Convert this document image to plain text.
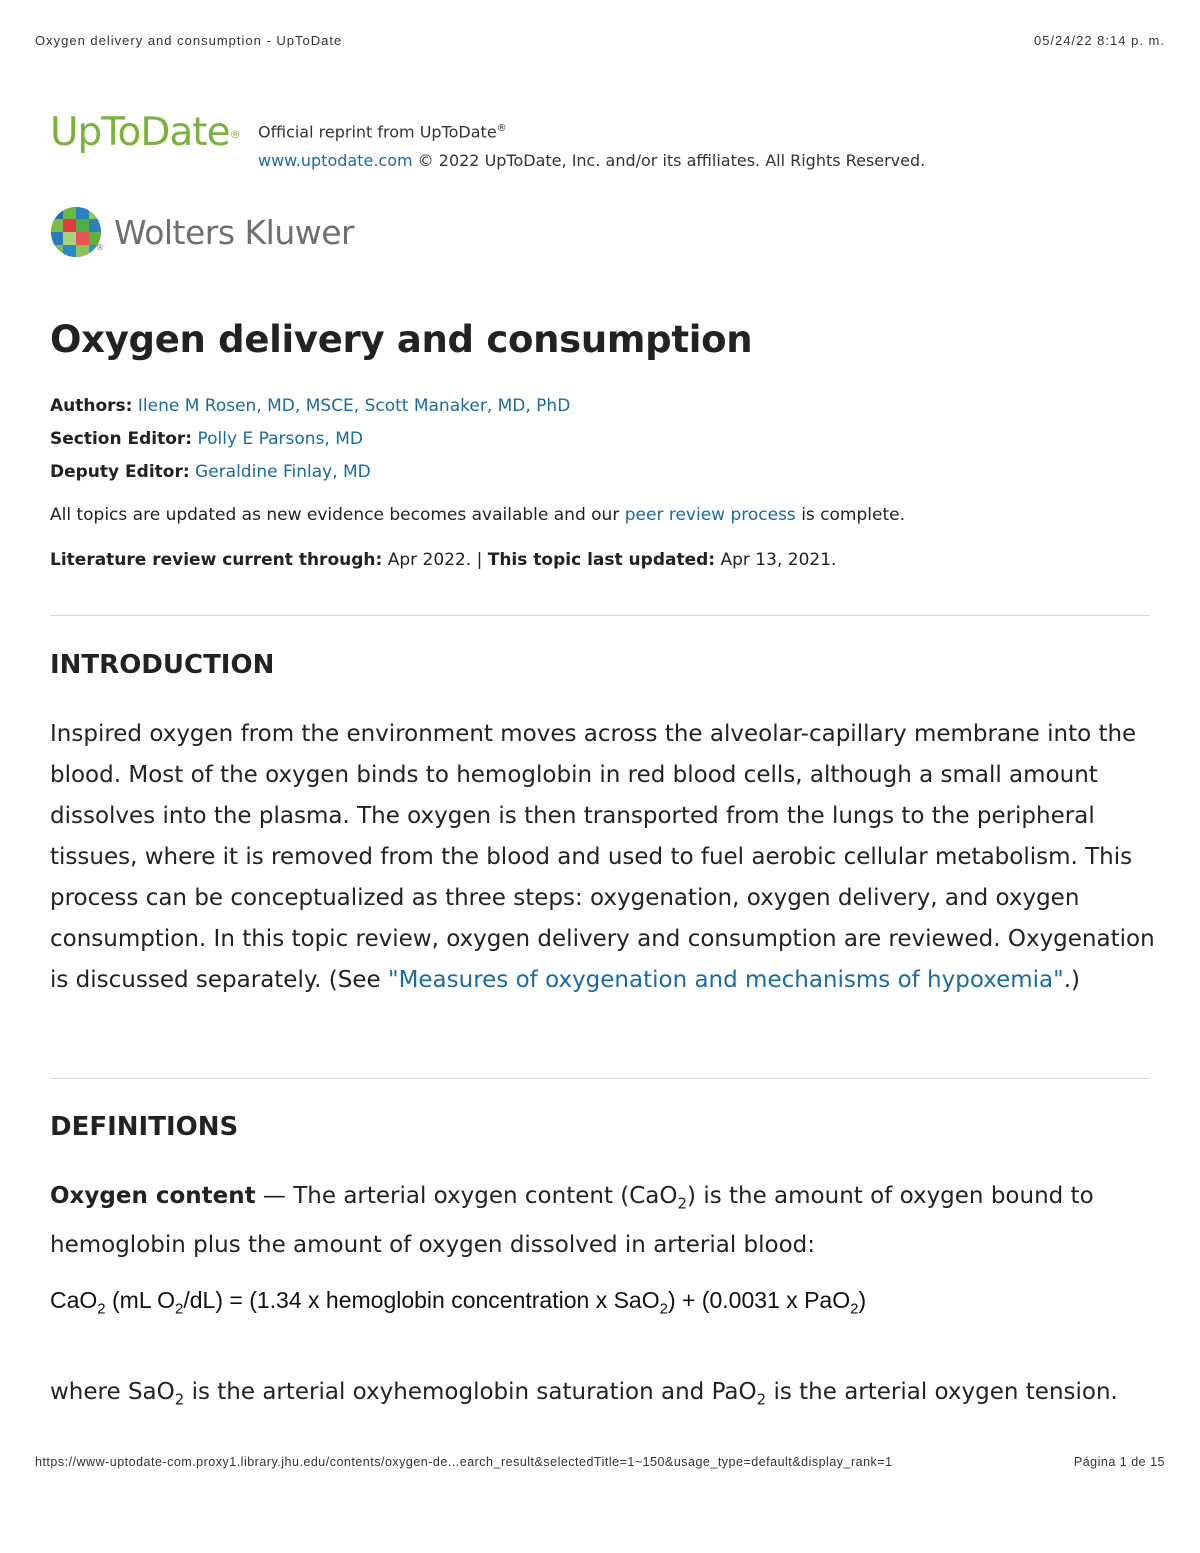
Oxygen delivery and consumption - UpToDate	05/24/22 8:14 p. m.
UpToDate® Official reprint from UpToDate®
www.uptodate.com © 2022 UpToDate, Inc. and/or its affiliates. All Rights Reserved.
® Wolters Kluwer
Oxygen delivery and consumption
Authors: Ilene M Rosen, MD, MSCE, Scott Manaker, MD, PhD
Section Editor: Polly E Parsons, MD
Deputy Editor: Geraldine Finlay, MD
All topics are updated as new evidence becomes available and our peer review process is complete.
Literature review current through: Apr 2022. | This topic last updated: Apr 13, 2021.
INTRODUCTION
Inspired oxygen from the environment moves across the alveolar-capillary membrane into the blood. Most of the oxygen binds to hemoglobin in red blood cells, although a small amount dissolves into the plasma. The oxygen is then transported from the lungs to the peripheral tissues, where it is removed from the blood and used to fuel aerobic cellular metabolism. This process can be conceptualized as three steps: oxygenation, oxygen delivery, and oxygen consumption. In this topic review, oxygen delivery and consumption are reviewed. Oxygenation is discussed separately. (See "Measures of oxygenation and mechanisms of hypoxemia".)
DEFINITIONS
Oxygen content — The arterial oxygen content (CaO$_2$) is the amount of oxygen bound to hemoglobin plus the amount of oxygen dissolved in arterial blood:
CaO$_2$ (mL $O_2/dL) = (1.34$ x hemoglobin concentration x SaO$_2$) + (0.0031 x PaO$_2$)
where SaO$_2$ is the arterial oxyhemoglobin saturation and PaO$_2$ is the arterial oxygen tension.
https://www-uptodate-com.proxy1.library.jhu.edu/contents/oxygen-de...earch_result&selectedTitle=1~150&usage_type=default&display_rank=1	Página 1 de 15
